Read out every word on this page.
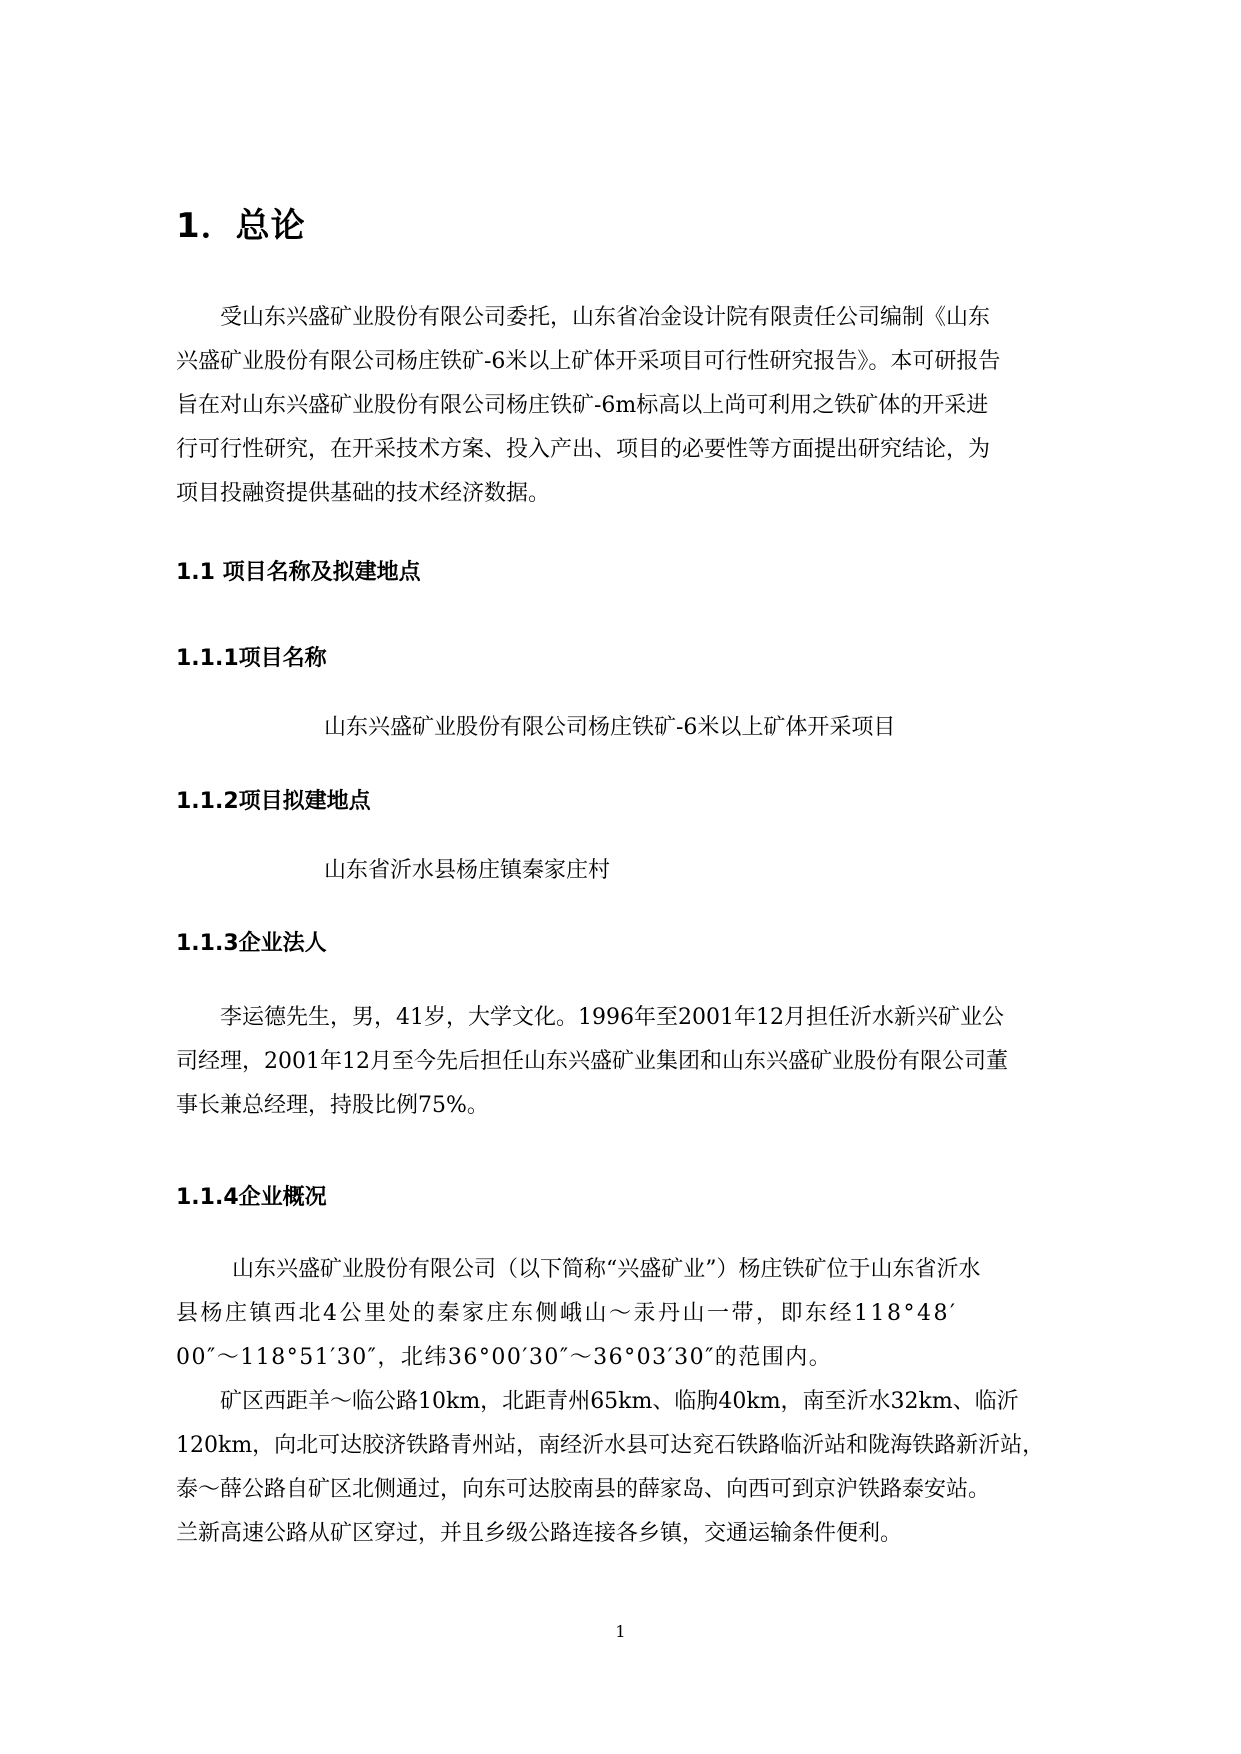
1．总论
受山东兴盛矿业股份有限公司委托，山东省冶金设计院有限责任公司编制《山东
兴盛矿业股份有限公司杨庄铁矿-6米以上矿体开采项目可行性研究报告》。本可研报告
旨在对山东兴盛矿业股份有限公司杨庄铁矿-6m标高以上尚可利用之铁矿体的开采进
行可行性研究，在开采技术方案、投入产出、项目的必要性等方面提出研究结论，为
项目投融资提供基础的技术经济数据。
1.1 项目名称及拟建地点
1.1.1项目名称

山东兴盛矿业股份有限公司杨庄铁矿-6米以上矿体开采项目

1.1.2项目拟建地点

山东省沂水县杨庄镇秦家庄村

1.1.3企业法人
李运德先生，男，41岁，大学文化。1996年至2001年12月担任沂水新兴矿业公
司经理，2001年12月至今先后担任山东兴盛矿业集团和山东兴盛矿业股份有限公司董
事长兼总经理，持股比例75%。
1.1.4企业概况
山东兴盛矿业股份有限公司（以下简称“兴盛矿业”）杨庄铁矿位于山东省沂水
县杨庄镇西北4公里处的秦家庄东侧峨山～汞丹山一带，即东经118°48′
00″～118°51′30″，北纬36°00′30″～36°03′30″的范围内。
矿区西距羊～临公路10km，北距青州65km、临朐40km，南至沂水32km、临沂
120km，向北可达胶济铁路青州站，南经沂水县可达兖石铁路临沂站和陇海铁路新沂站，
泰～薛公路自矿区北侧通过，向东可达胶南县的薛家岛、向西可到京沪铁路泰安站。
兰新高速公路从矿区穿过，并且乡级公路连接各乡镇，交通运输条件便利。
1
